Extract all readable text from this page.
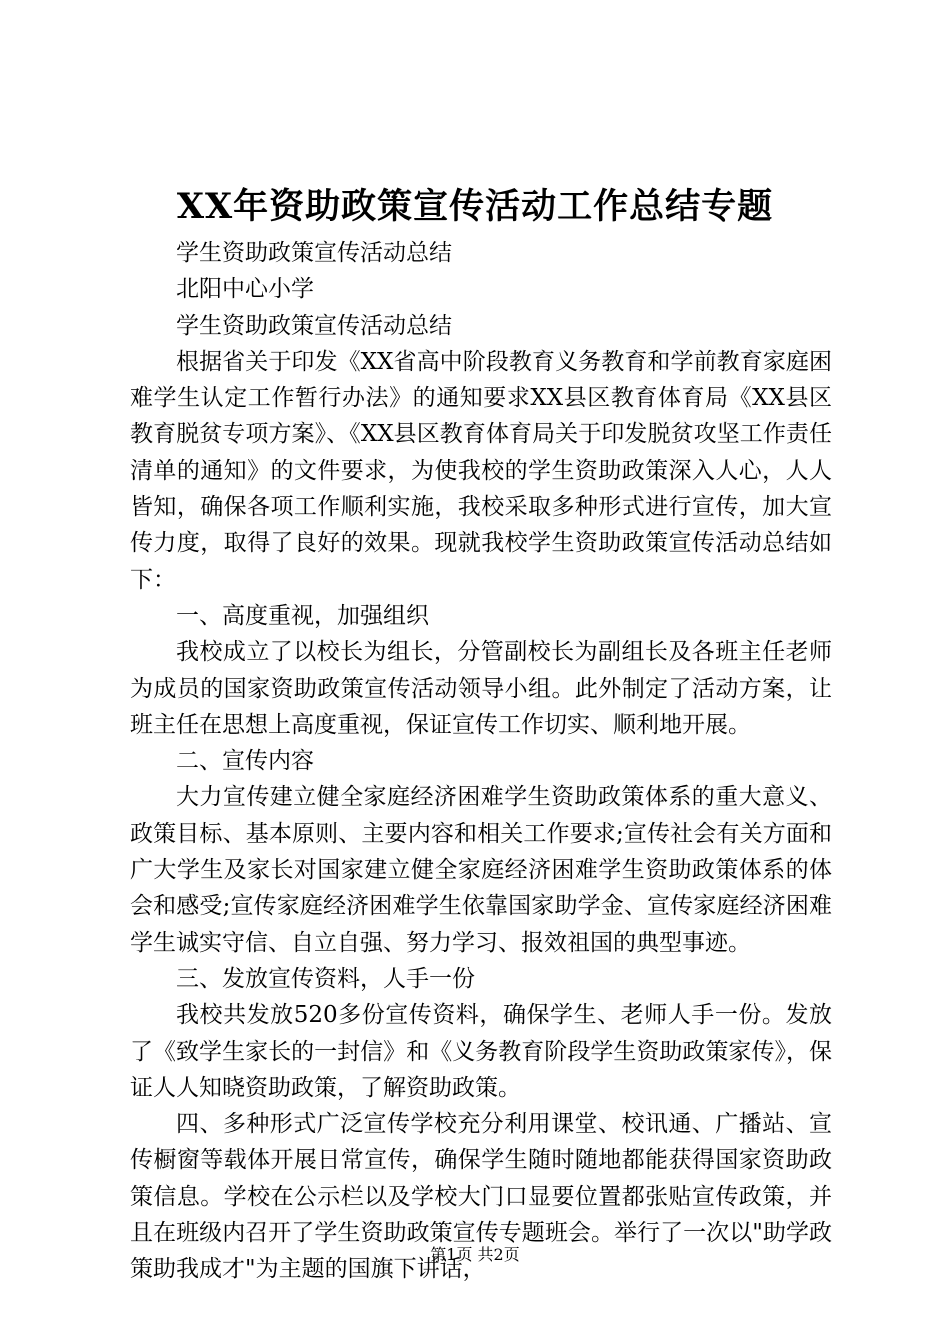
XX年资助政策宣传活动工作总结专题

学生资助政策宣传活动总结

北阳中心小学

学生资助政策宣传活动总结

根据省关于印发《XX省高中阶段教育义务教育和学前教育家庭困难学生认定工作暂行办法》的通知要求XX县区教育体育局《XX县区教育脱贫专项方案》、《XX县区教育体育局关于印发脱贫攻坚工作责任清单的通知》的文件要求，为使我校的学生资助政策深入人心，人人皆知，确保各项工作顺利实施，我校采取多种形式进行宣传，加大宣传力度，取得了良好的效果。现就我校学生资助政策宣传活动总结如下：

一、高度重视，加强组织

我校成立了以校长为组长，分管副校长为副组长及各班主任老师为成员的国家资助政策宣传活动领导小组。此外制定了活动方案，让班主任在思想上高度重视，保证宣传工作切实、顺利地开展。

二、宣传内容

大力宣传建立健全家庭经济困难学生资助政策体系的重大意义、政策目标、基本原则、主要内容和相关工作要求;宣传社会有关方面和广大学生及家长对国家建立健全家庭经济困难学生资助政策体系的体会和感受;宣传家庭经济困难学生依靠国家助学金、宣传家庭经济困难学生诚实守信、自立自强、努力学习、报效祖国的典型事迹。

三、发放宣传资料，人手一份

我校共发放520多份宣传资料，确保学生、老师人手一份。发放了《致学生家长的一封信》和《义务教育阶段学生资助政策家传》，保证人人知晓资助政策，了解资助政策。

四、多种形式广泛宣传学校充分利用课堂、校讯通、广播站、宣传橱窗等载体开展日常宣传，确保学生随时随地都能获得国家资助政策信息。学校在公示栏以及学校大门口显要位置都张贴宣传政策，并且在班级内召开了学生资助政策宣传专题班会。举行了一次以"助学政策助我成才"为主题的国旗下讲话，

第1页 共2页
